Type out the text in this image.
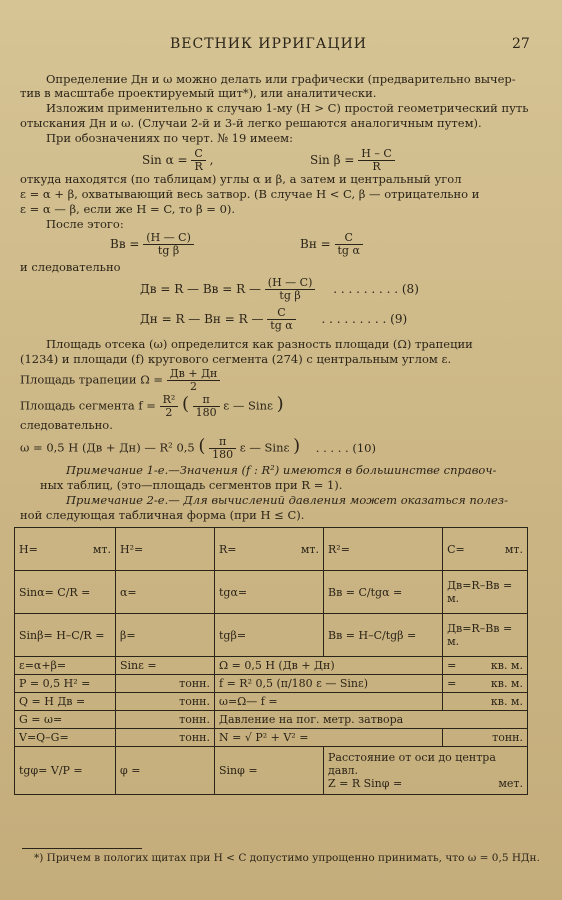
ВЕСТНИК ИРРИГАЦИИ	27
Определение Дн и ω можно делать или графически (предварительно вычер-
тив в масштабе проектируемый щит*), или аналитически.
Изложим применительно к случаю 1-му (H > C) простой геометрический путь
отыскания Дн и ω. (Случаи 2-й и 3-й легко решаются аналогичным путем).
При обозначениях по черт. № 19 имеем:
Sin $\alpha = \frac{C}{R}$ ,	Sin $\beta = \frac{H - C}{R}$
откуда находятся (по таблицам) углы α и β, а затем и центральный угол
ε = α + β, охватывающий весь затвор. (В случае H < C, β — отрицательно и
ε = α — β, если же H = C, то β = 0).
После этого:
Bв = $\frac{(H — C)}{\text{tg β}}$	Bн = $\frac{C}{\text{tg α}}$
и следовательно
Дв = R — Bв = R — $\frac{(H — C)}{\text{tg β}}$ . . . . . . . . . (8)
Дн = R — Bн = R — $\frac{C}{\text{tg α}}$ . . . . . . . . . (9)
Площадь отсека (ω) определится как разность площади (Ω) трапеции
(1234) и площади (f) кругового сегмента (274) с центральным углом ε.
Площадь трапеции $\Omega = \frac{Дв + Дн}{2}$
Площадь сегмента $f = \frac{\text{R²}}{2}$ ( $\frac{\pi}{180}$ ε — Sinε )
следовательно.
ω = 0,5 H (Дв + Дн) — R² 0,5 ( $\frac{\pi}{180}$ ε — Sinε ) . . . . . (10)
Примечание 1-е.—Значения (f : R²) имеются в большинстве справоч-
ных таблиц, (это—площадь сегментов при R = 1).
Примечание 2-е.— Для вычислений давления может оказаться полез-
ной следующая табличная форма (при H ≤ C).
H= мт.	H²=	R= мт.	R²=	C= мт.

Sinα= C/R =	α=	tgα=	Bв = C/tgα =	Дв=R–Bв = м.
Sinβ= H–C/R =	β=	tgβ=	Bв = H–C/tgβ =	Дв=R–Bв = м.
ε=α+β=	Sinε =	Ω = 0,5 H (Дв + Дн)		= кв. м.

P = 0,5 H² =	тонн.	f = R² 0,5 (π/180 ε — Sinε)		= кв. м.

Q = H Дв =	тонн.	ω=Ω— f =		кв. м.
G = ω=	тонн.	Давление на пог. метр. затвора		
V=Q–G=	тонн.	N = √ P² + V² =		тонн.
tgφ= V/P =	φ =	Sinφ =	Расстояние от оси до центра давл.
Z = R Sinφ = мет.	
*) Причем в пологих щитах при H < C допустимо упрощенно принимать, что ω = 0,5 HДн.
